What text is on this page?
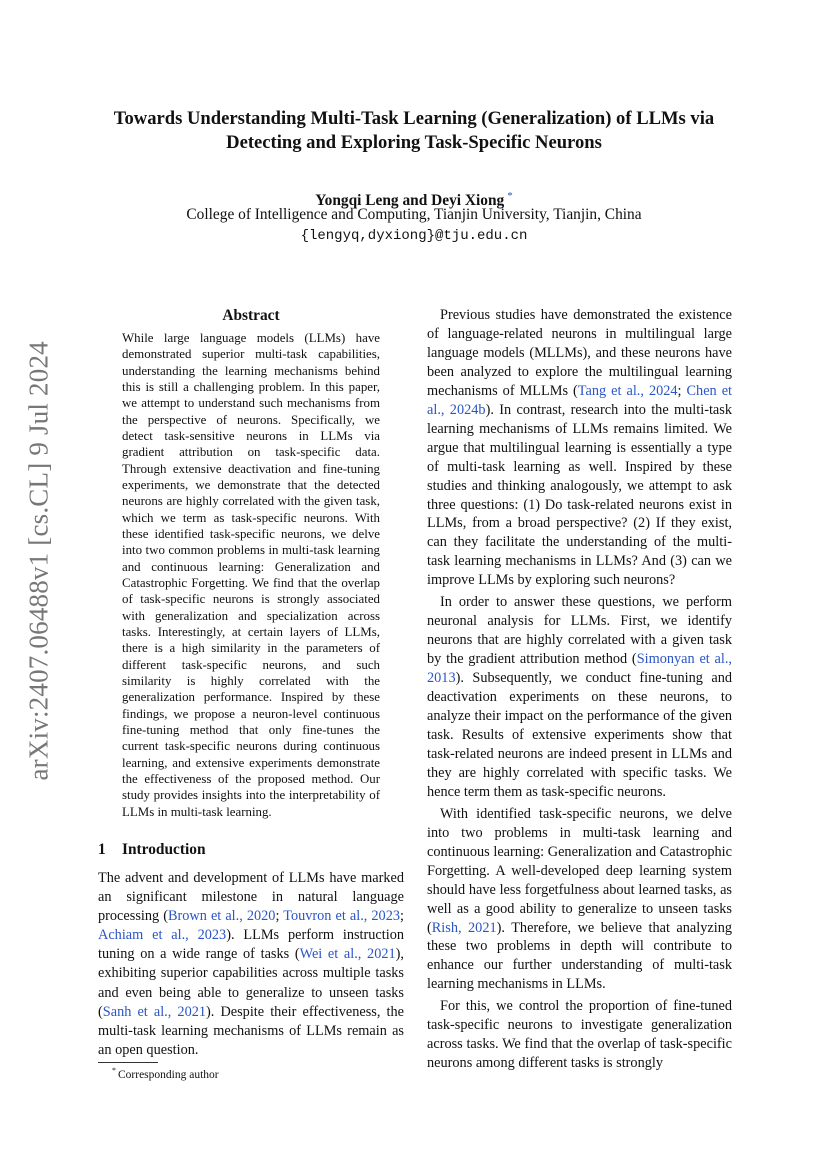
arXiv:2407.06488v1 [cs.CL] 9 Jul 2024
Towards Understanding Multi-Task Learning (Generalization) of LLMs via
Detecting and Exploring Task-Specific Neurons
Yongqi Leng and Deyi Xiong *
College of Intelligence and Computing, Tianjin University, Tianjin, China
{lengyq,dyxiong}@tju.edu.cn
Abstract
While large language models (LLMs) have demonstrated superior multi-task capabilities, understanding the learning mechanisms behind this is still a challenging problem. In this paper, we attempt to understand such mechanisms from the perspective of neurons. Specifically, we detect task-sensitive neurons in LLMs via gradient attribution on task-specific data. Through extensive deactivation and fine-tuning experiments, we demonstrate that the detected neurons are highly correlated with the given task, which we term as task-specific neurons. With these identified task-specific neurons, we delve into two common problems in multi-task learning and continuous learning: Generalization and Catastrophic Forgetting. We find that the overlap of task-specific neurons is strongly associated with generalization and specialization across tasks. Interestingly, at certain layers of LLMs, there is a high similarity in the parameters of different task-specific neurons, and such similarity is highly correlated with the generalization performance. Inspired by these findings, we propose a neuron-level continuous fine-tuning method that only fine-tunes the current task-specific neurons during continuous learning, and extensive experiments demonstrate the effectiveness of the proposed method. Our study provides insights into the interpretability of LLMs in multi-task learning.
1 Introduction

The advent and development of LLMs have marked an significant milestone in natural language processing (Brown et al., 2020; Touvron et al., 2023; Achiam et al., 2023). LLMs perform instruction tuning on a wide range of tasks (Wei et al., 2021), exhibiting superior capabilities across multiple tasks and even being able to generalize to unseen tasks (Sanh et al., 2021). Despite their effectiveness, the multi-task learning mechanisms of LLMs remain as an open question.

Previous studies have demonstrated the existence of language-related neurons in multilingual large language models (MLLMs), and these neurons have been analyzed to explore the multilingual learning mechanisms of MLLMs (Tang et al., 2024; Chen et al., 2024b). In contrast, research into the multi-task learning mechanisms of LLMs remains limited. We argue that multilingual learning is essentially a type of multi-task learning as well. Inspired by these studies and thinking analogously, we attempt to ask three questions: (1) Do task-related neurons exist in LLMs, from a broad perspective? (2) If they exist, can they facilitate the understanding of the multi-task learning mechanisms in LLMs? And (3) can we improve LLMs by exploring such neurons?

In order to answer these questions, we perform neuronal analysis for LLMs. First, we identify neurons that are highly correlated with a given task by the gradient attribution method (Simonyan et al., 2013). Subsequently, we conduct fine-tuning and deactivation experiments on these neurons, to analyze their impact on the performance of the given task. Results of extensive experiments show that task-related neurons are indeed present in LLMs and they are highly correlated with specific tasks. We hence term them as task-specific neurons.

With identified task-specific neurons, we delve into two problems in multi-task learning and continuous learning: Generalization and Catastrophic Forgetting. A well-developed deep learning system should have less forgetfulness about learned tasks, as well as a good ability to generalize to unseen tasks (Rish, 2021). Therefore, we believe that analyzing these two problems in depth will contribute to enhance our further understanding of multi-task learning mechanisms in LLMs.

For this, we control the proportion of fine-tuned task-specific neurons to investigate generalization across tasks. We find that the overlap of task-specific neurons among different tasks is strongly

* Corresponding author
